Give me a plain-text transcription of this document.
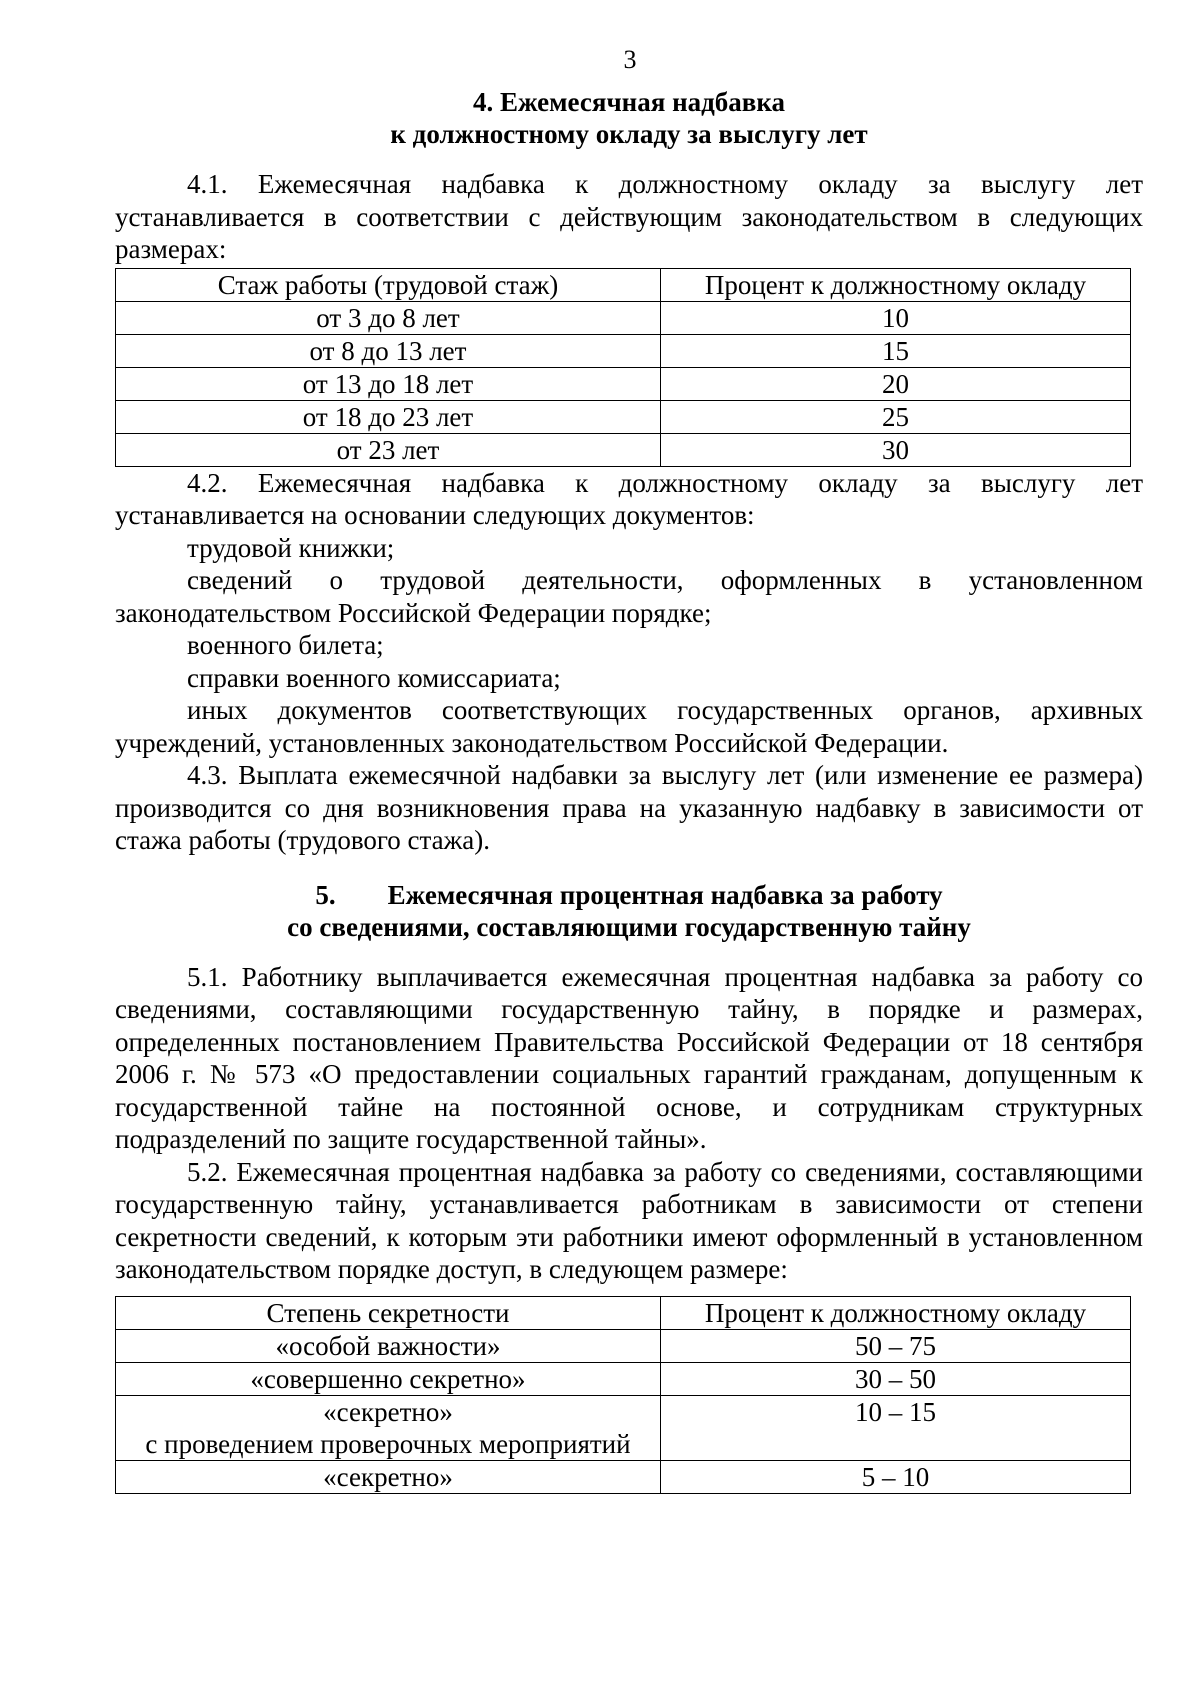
3
4. Ежемесячная надбавка
к должностному окладу за выслугу лет

4.1. Ежемесячная надбавка к должностному окладу за выслугу лет устанавливается в соответствии с действующим законодательством в следующих размерах:

Стаж работы (трудовой стаж)	Процент к должностному окладу
от 3 до 8 лет	10
от 8 до 13 лет	15
от 13 до 18 лет	20
от 18 до 23 лет	25
от 23 лет	30

4.2. Ежемесячная надбавка к должностному окладу за выслугу лет устанавливается на основании следующих документов:

трудовой книжки;

сведений о трудовой деятельности, оформленных в установленном законодательством Российской Федерации порядке;

военного билета;

справки военного комиссариата;

иных документов соответствующих государственных органов, архивных учреждений, установленных законодательством Российской Федерации.

4.3. Выплата ежемесячной надбавки за выслугу лет (или изменение ее размера) производится со дня возникновения права на указанную надбавку в зависимости от стажа работы (трудового стажа).

5. Ежемесячная процентная надбавка за работу
со сведениями, составляющими государственную тайну

5.1. Работнику выплачивается ежемесячная процентная надбавка за работу со сведениями, составляющими государственную тайну, в порядке и размерах, определенных постановлением Правительства Российской Федерации от 18 сентября 2006 г. № 573 «О предоставлении социальных гарантий гражданам, допущенным к государственной тайне на постоянной основе, и сотрудникам структурных подразделений по защите государственной тайны».

5.2. Ежемесячная процентная надбавка за работу со сведениями, составляющими государственную тайну, устанавливается работникам в зависимости от степени секретности сведений, к которым эти работники имеют оформленный в установленном законодательством порядке доступ, в следующем размере:

Степень секретности	Процент к должностному окладу
«особой важности»	50 – 75
«совершенно секретно»	30 – 50

«секретно»
с проведением проверочных мероприятий	10 – 15
«секретно»	5 – 10
